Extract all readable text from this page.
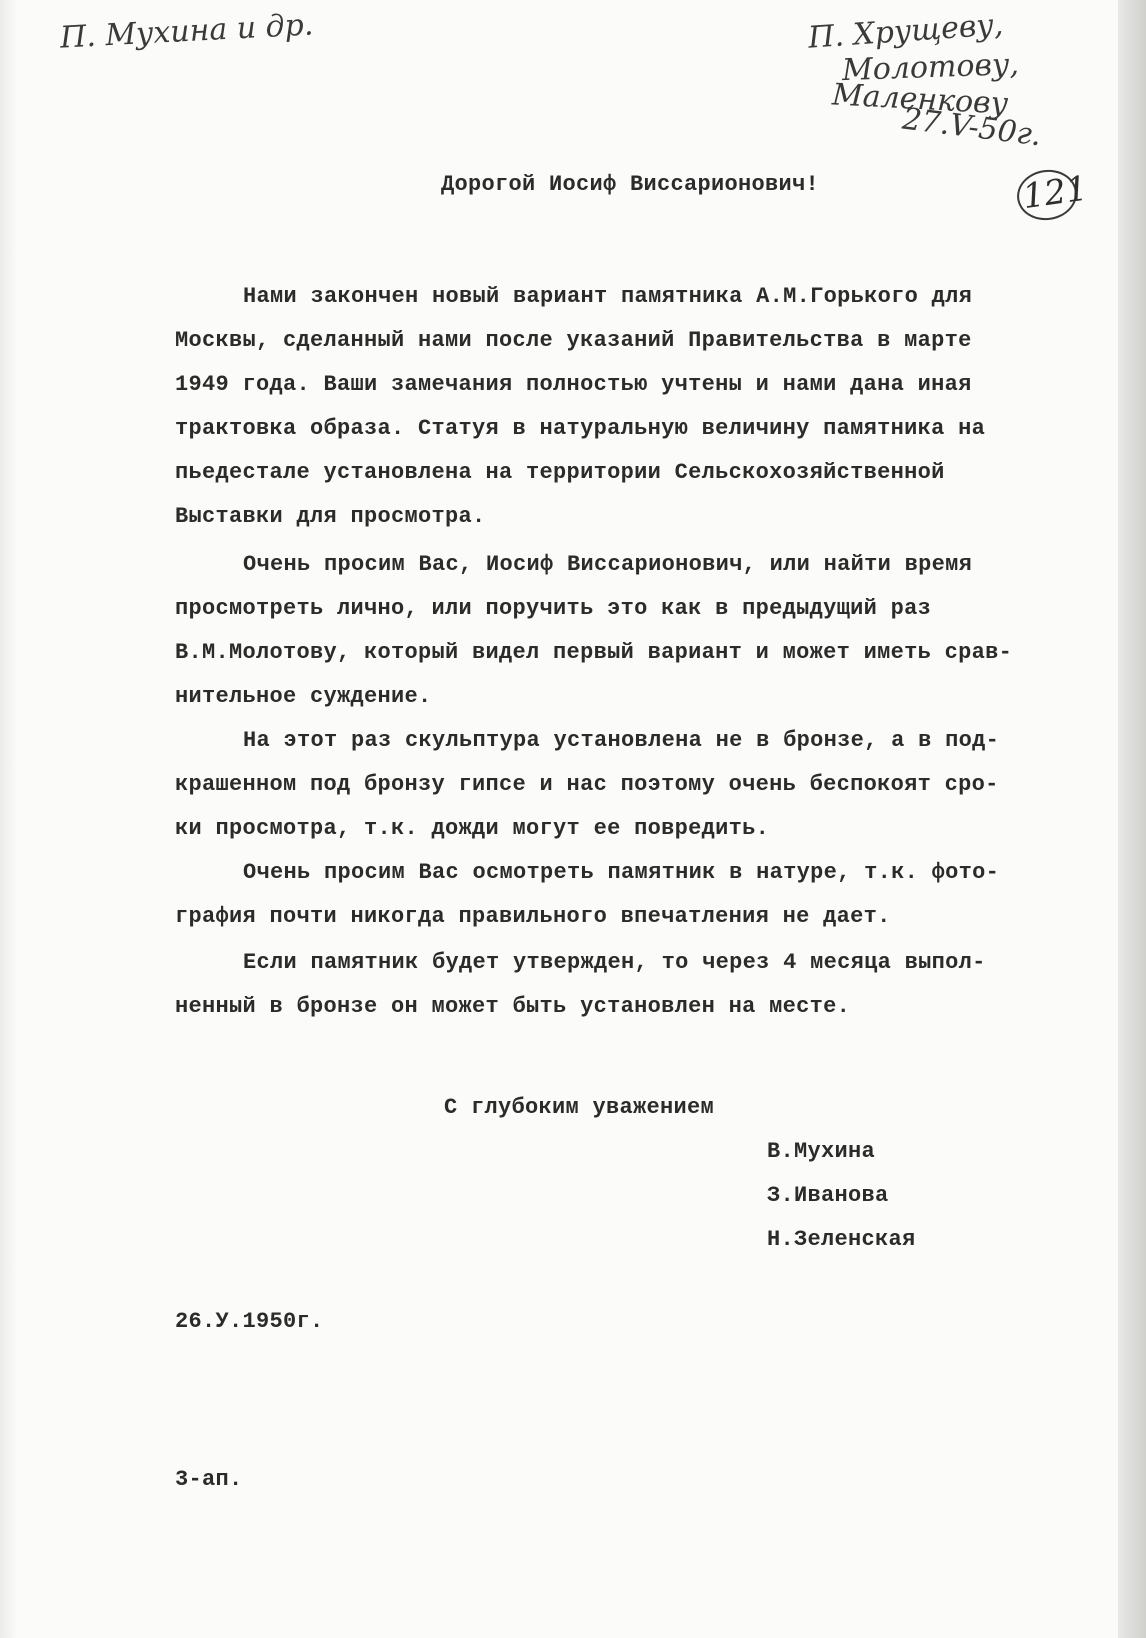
П. Мухина и др.	П. Хрущеву,
Молотову,
Маленкову
27.V-50г.
121
Дорогой Иосиф Виссарионович!
Нами закончен новый вариант памятника А.М.Горького для
Москвы, сделанный нами после указаний Правительства в марте
1949 года. Ваши замечания полностью учтены и нами дана иная
трактовка образа. Статуя в натуральную величину памятника на
пьедестале установлена на территории Сельскохозяйственной
Выставки для просмотра.
Очень просим Вас, Иосиф Виссарионович, или найти время
просмотреть лично, или поручить это как в предыдущий раз
В.М.Молотову, который видел первый вариант и может иметь срав-
нительное суждение.
На этот раз скульптура установлена не в бронзе, а в под-
крашенном под бронзу гипсе и нас поэтому очень беспокоят сро-
ки просмотра, т.к. дожди могут ее повредить.
Очень просим Вас осмотреть памятник в натуре, т.к. фото-
графия почти никогда правильного впечатления не дает.
Если памятник будет утвержден, то через 4 месяца выпол-
ненный в бронзе он может быть установлен на месте.
С глубоким уважением
В.Мухина
З.Иванова
Н.Зеленская
26.У.1950г.
3-ап.
